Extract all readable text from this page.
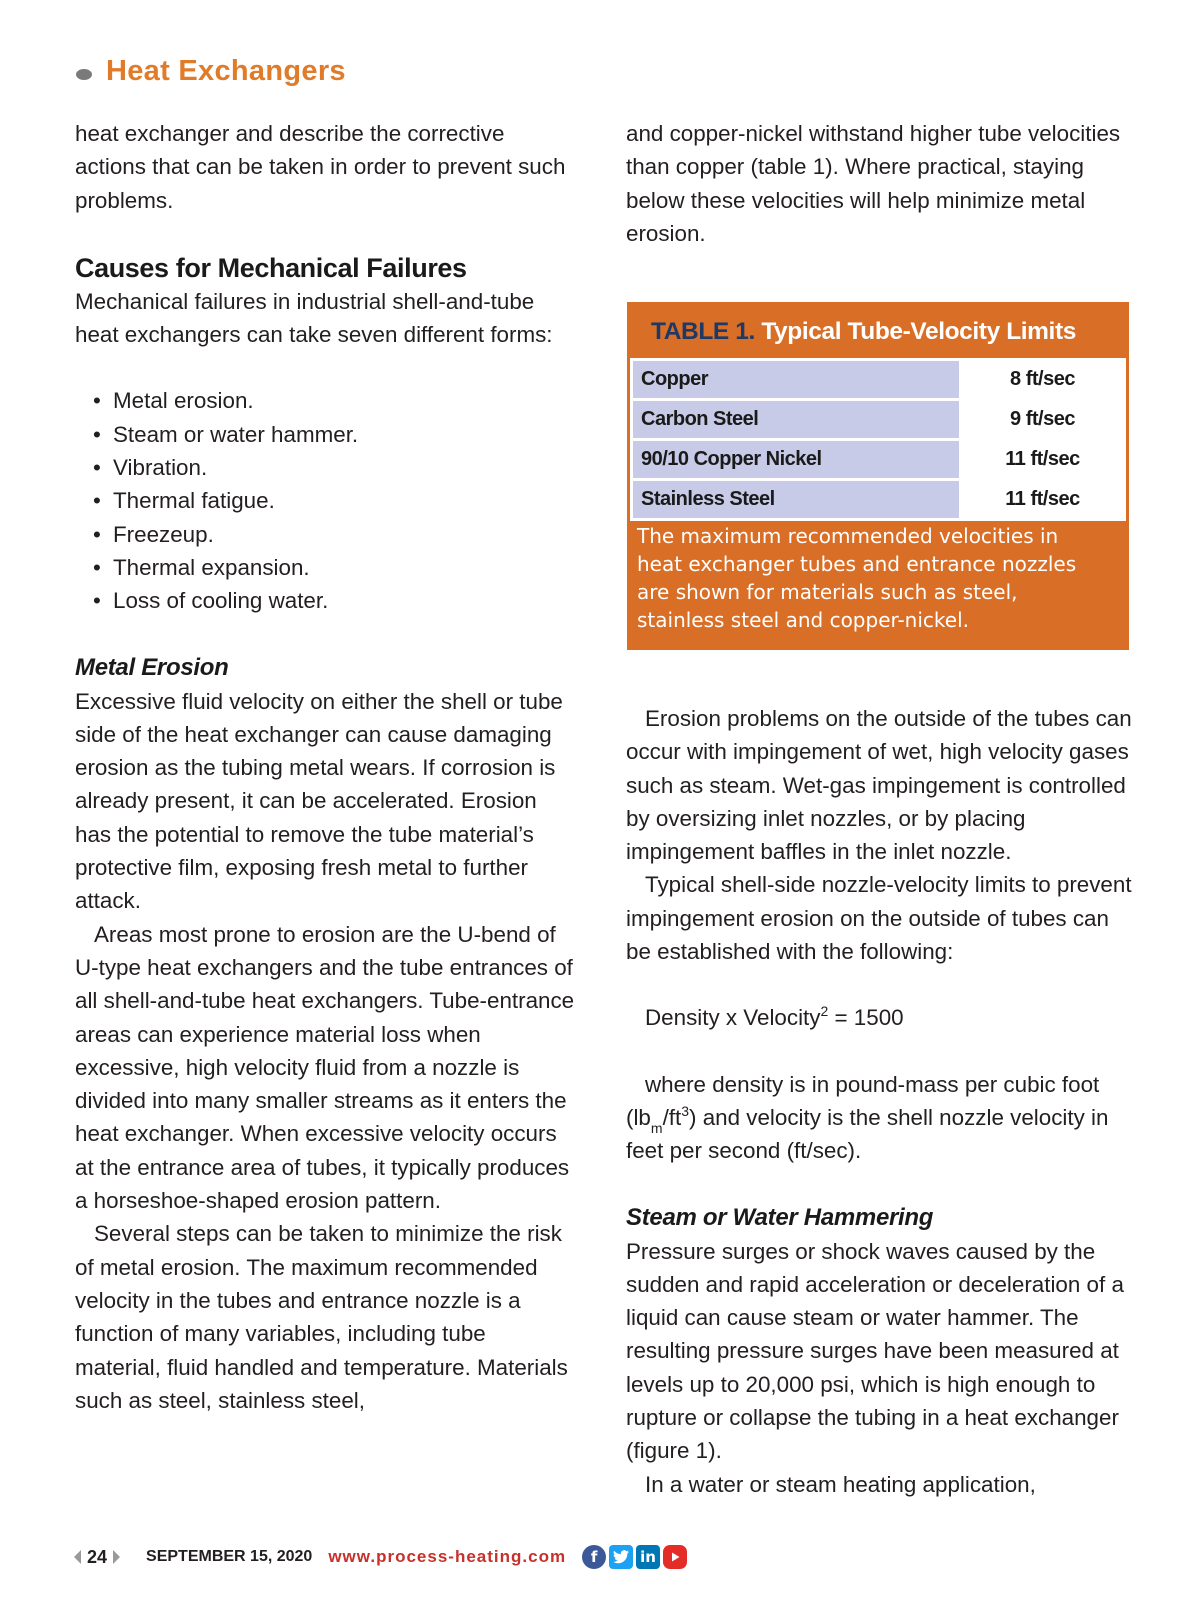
Heat Exchangers

heat exchanger and describe the corrective actions that can be taken in order to prevent such problems.

Causes for Mechanical Failures

Mechanical failures in industrial shell-and-tube heat exchangers can take seven different forms:

• Metal erosion.
• Steam or water hammer.
• Vibration.
• Thermal fatigue.
• Freezeup.
• Thermal expansion.
• Loss of cooling water.
Metal Erosion

Excessive fluid velocity on either the shell or tube side of the heat exchanger can cause damaging erosion as the tubing metal wears. If corrosion is already present, it can be accelerated. Erosion has the potential to remove the tube material’s protective film, exposing fresh metal to further attack.

Areas most prone to erosion are the U-bend of U-type heat exchangers and the tube entrances of all shell-and-tube heat exchangers. Tube-entrance areas can experience material loss when excessive, high velocity fluid from a nozzle is divided into many smaller streams as it enters the heat exchanger. When excessive velocity occurs at the entrance area of tubes, it typically produces a horseshoe-shaped erosion pattern.

Several steps can be taken to minimize the risk of metal erosion. The maximum recommended velocity in the tubes and entrance nozzle is a function of many variables, including tube material, fluid handled and temperature. Materials such as steel, stainless steel,

and copper-nickel withstand higher tube velocities than copper (table 1). Where practical, staying below these velocities will help minimize metal erosion.

TABLE 1. Typical Tube-Velocity Limits
Copper	8 ft/sec
Carbon Steel	9 ft/sec
90/10 Copper Nickel	11 ft/sec
Stainless Steel	11 ft/sec
The maximum recommended velocities in heat exchanger tubes and entrance nozzles are shown for materials such as steel, stainless steel and copper-nickel.

Erosion problems on the outside of the tubes can occur with impingement of wet, high velocity gases such as steam. Wet-gas impingement is controlled by oversizing inlet nozzles, or by placing impingement baffles in the inlet nozzle.

Typical shell-side nozzle-velocity limits to prevent impingement erosion on the outside of tubes can be established with the following:

Density x Velocity$^2$ = 1500

where density is in pound-mass per cubic foot $(lb_m/ft^3)$ and velocity is the shell nozzle velocity in feet per second (ft/sec).

Steam or Water Hammering

Pressure surges or shock waves caused by the sudden and rapid acceleration or deceleration of a liquid can cause steam or water hammer. The resulting pressure surges have been measured at levels up to 20,000 psi, which is high enough to rupture or collapse the tubing in a heat exchanger (figure 1).

In a water or steam heating application,

24 SEPTEMBER 15, 2020 www.process-heating.com	f	in
